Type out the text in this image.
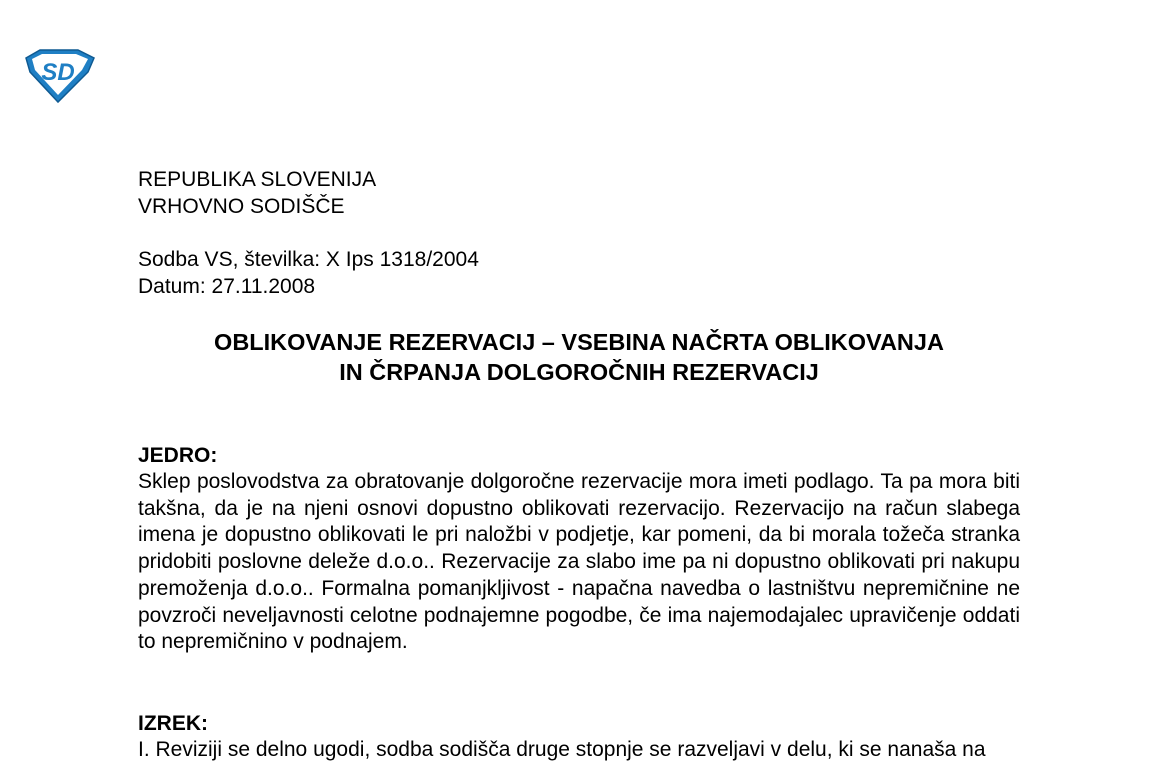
SD
REPUBLIKA SLOVENIJA
VRHOVNO SODIŠČE
Sodba VS, številka: X Ips 1318/2004
Datum: 27.11.2008
OBLIKOVANJE REZERVACIJ – VSEBINA NAČRTA OBLIKOVANJA
IN ČRPANJA DOLGOROČNIH REZERVACIJ
JEDRO:
Sklep poslovodstva za obratovanje dolgoročne rezervacije mora imeti podlago. Ta pa mora biti takšna, da je na njeni osnovi dopustno oblikovati rezervacijo. Rezervacijo na račun slabega imena je dopustno oblikovati le pri naložbi v podjetje, kar pomeni, da bi morala tožeča stranka pridobiti poslovne deleže d.o.o.. Rezervacije za slabo ime pa ni dopustno oblikovati pri nakupu premoženja d.o.o.. Formalna pomanjkljivost - napačna navedba o lastništvu nepremičnine ne povzroči neveljavnosti celotne podnajemne pogodbe, če ima najemodajalec upravičenje oddati to nepremičnino v podnajem.
IZREK:
I. Reviziji se delno ugodi, sodba sodišča druge stopnje se razveljavi v delu, ki se nanaša na
